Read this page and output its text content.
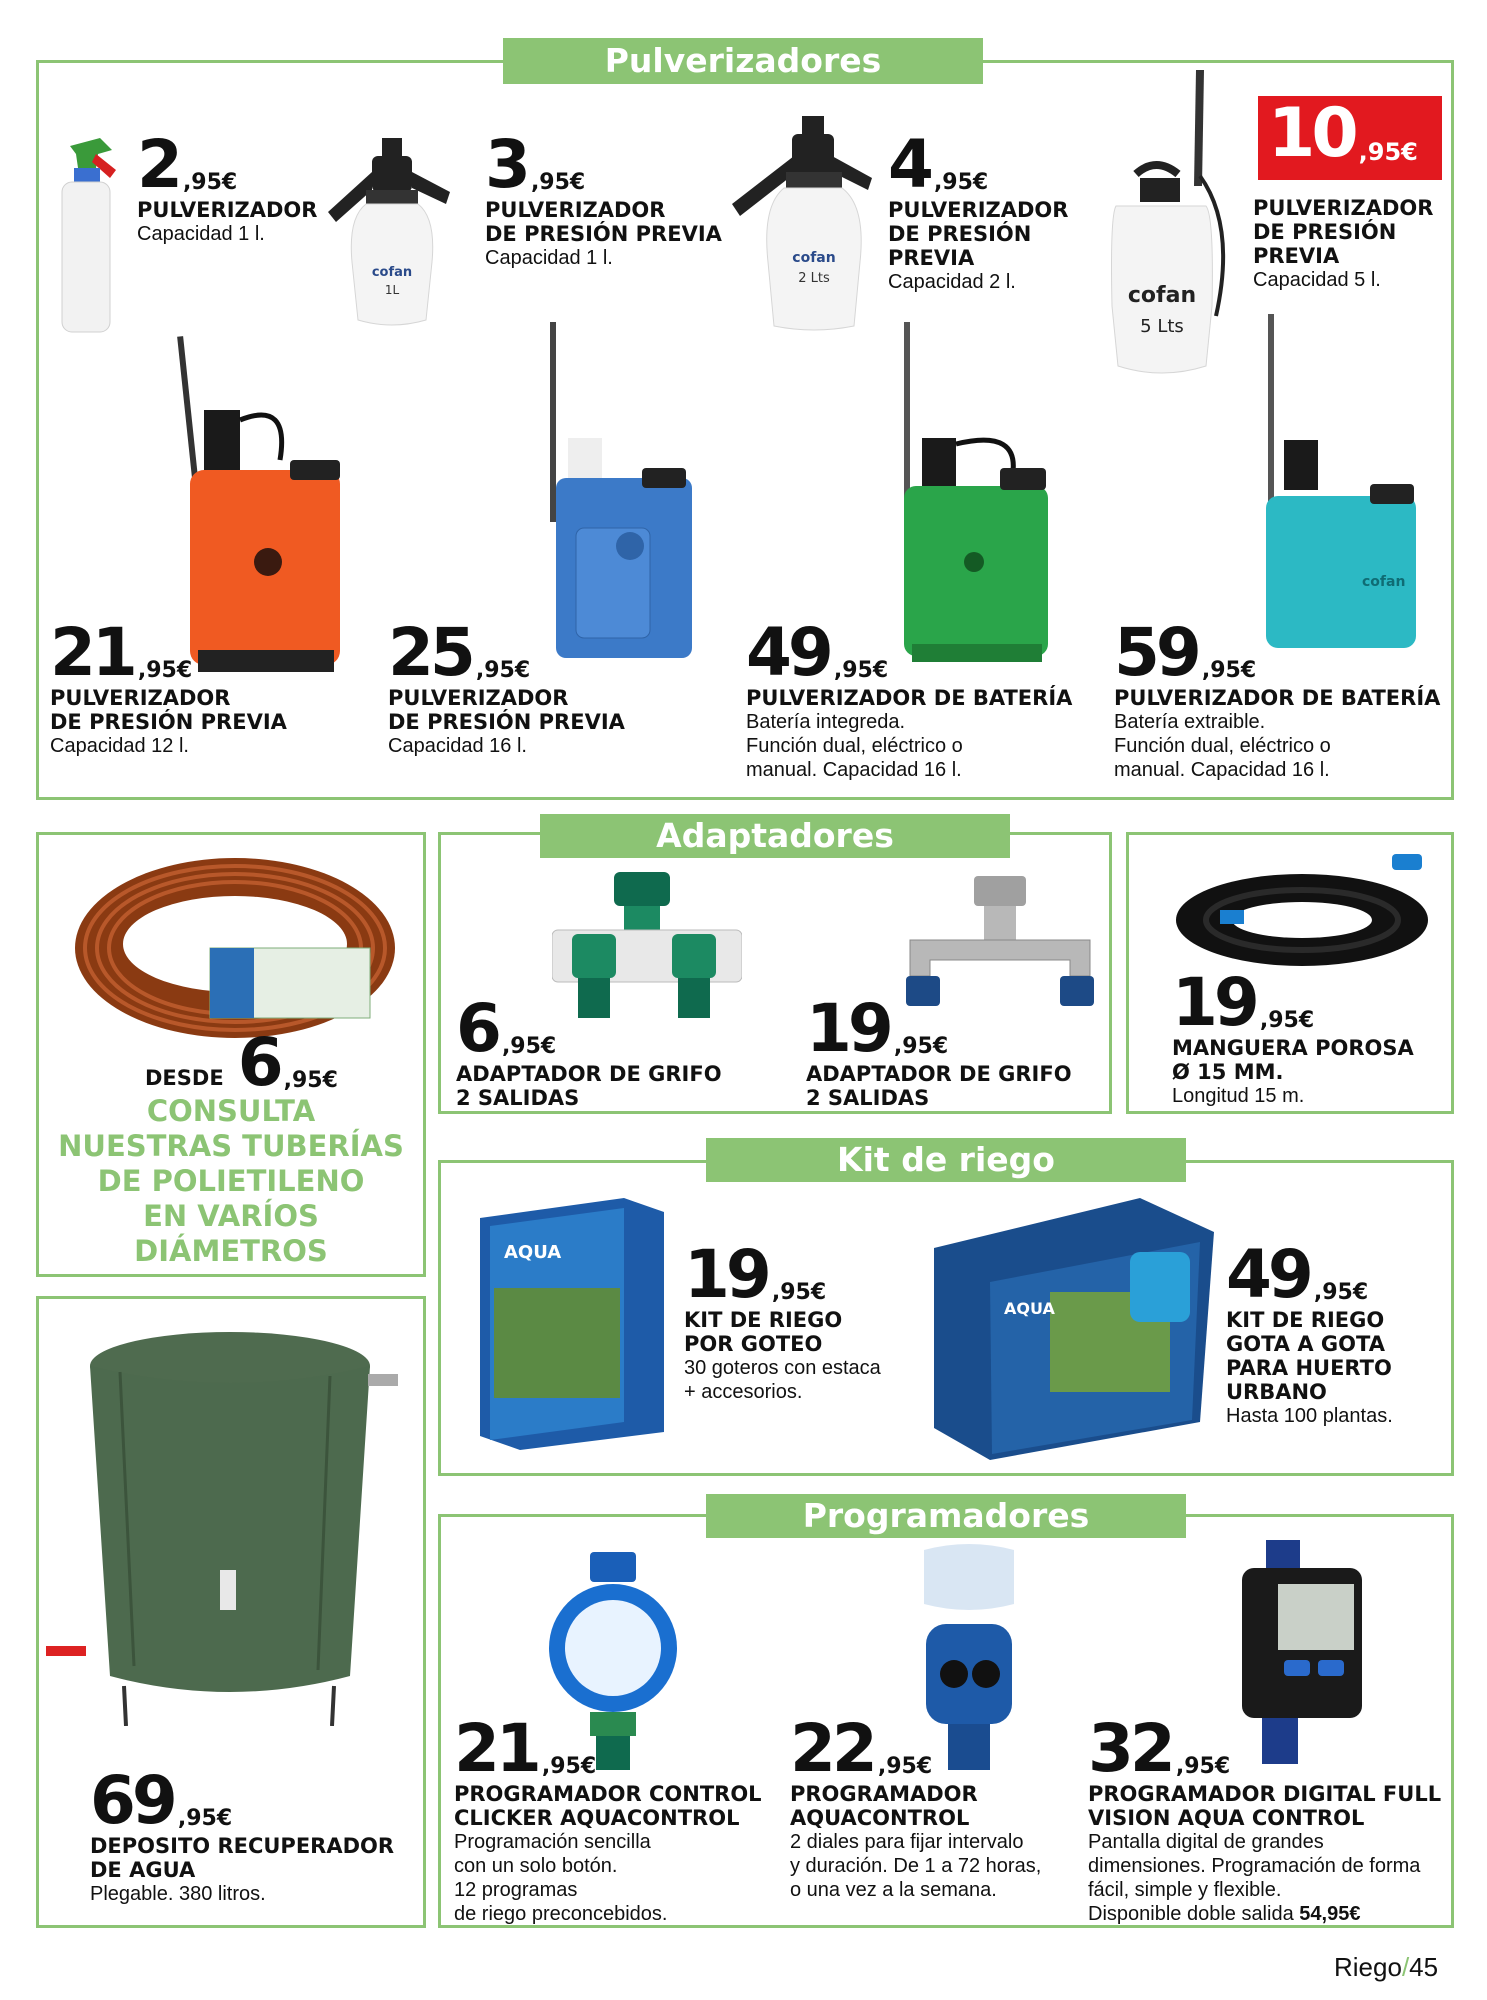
Pulverizadores
Adaptadores
Kit de riego
Programadores
cofan
1L
cofan
2 Lts
cofan
5 Lts
cofan
AQUA
AQUA
2 ,95€
PULVERIZADOR
Capacidad 1 l.
3 ,95€
PULVERIZADOR
DE PRESIÓN PREVIA
Capacidad 1 l.
4 ,95€
PULVERIZADOR
DE PRESIÓN
PREVIA
Capacidad 2 l.
10 ,95€
PULVERIZADOR
DE PRESIÓN
PREVIA
Capacidad 5 l.
21 ,95€
PULVERIZADOR
DE PRESIÓN PREVIA
Capacidad 12 l.
25 ,95€
PULVERIZADOR
DE PRESIÓN PREVIA
Capacidad 16 l.
49 ,95€
PULVERIZADOR DE BATERÍA
Batería integreda.
Función dual, eléctrico o
manual. Capacidad 16 l.
59 ,95€
PULVERIZADOR DE BATERÍA
Batería extraible.
Función dual, eléctrico o
manual. Capacidad 16 l.
DESDE 6 ,95€
CONSULTA
NUESTRAS TUBERÍAS
DE POLIETILENO
EN VARÍOS
DIÁMETROS
6 ,95€
ADAPTADOR DE GRIFO
2 SALIDAS
19 ,95€
ADAPTADOR DE GRIFO
2 SALIDAS
19 ,95€
MANGUERA POROSA
Ø 15 MM.
Longitud 15 m.
19 ,95€
KIT DE RIEGO
POR GOTEO
30 goteros con estaca
+ accesorios.
49 ,95€
KIT DE RIEGO
GOTA A GOTA
PARA HUERTO
URBANO
Hasta 100 plantas.
69 ,95€
DEPOSITO RECUPERADOR
DE AGUA
Plegable. 380 litros.
21 ,95€
PROGRAMADOR CONTROL
CLICKER AQUACONTROL
Programación sencilla
con un solo botón.
12 programas
de riego preconcebidos.
22 ,95€
PROGRAMADOR
AQUACONTROL
2 diales para fijar intervalo
y duración. De 1 a 72 horas,
o una vez a la semana.
32 ,95€
PROGRAMADOR DIGITAL FULL
VISION AQUA CONTROL
Pantalla digital de grandes
dimensiones. Programación de forma
fácil, simple y flexible.
Disponible doble salida 54,95€
Riego/45
